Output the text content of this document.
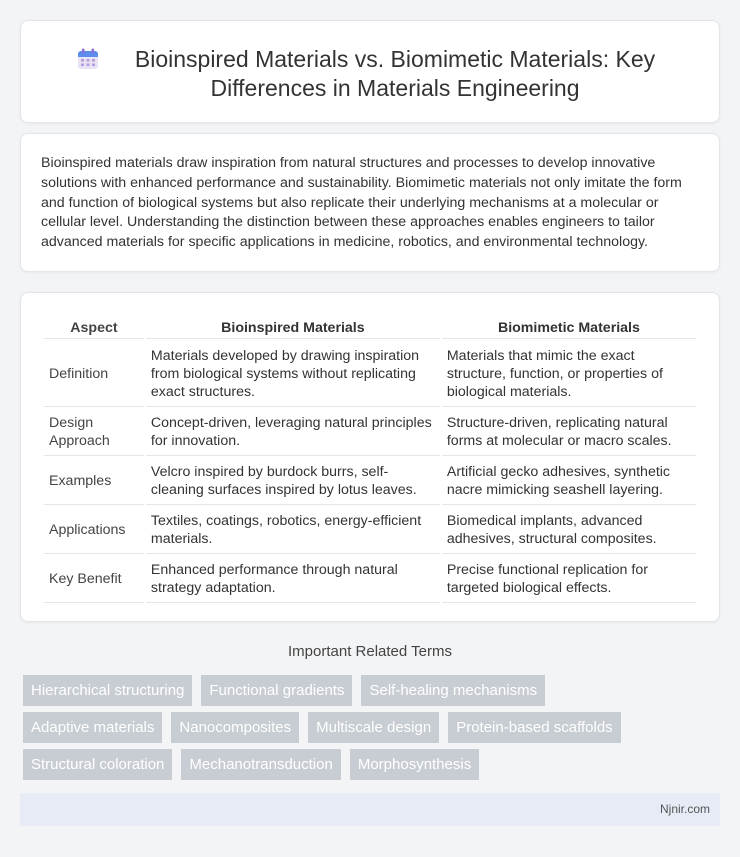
Bioinspired Materials vs. Biomimetic Materials: Key Differences in Materials Engineering

Bioinspired materials draw inspiration from natural structures and processes to develop innovative solutions with enhanced performance and sustainability. Biomimetic materials not only imitate the form and function of biological systems but also replicate their underlying mechanisms at a molecular or cellular level. Understanding the distinction between these approaches enables engineers to tailor advanced materials for specific applications in medicine, robotics, and environmental technology.

Aspect	Bioinspired Materials	Biomimetic Materials
Definition	Materials developed by drawing inspiration from biological systems without replicating exact structures.	Materials that mimic the exact structure, function, or properties of biological materials.
Design Approach	Concept-driven, leveraging natural principles for innovation.	Structure-driven, replicating natural forms at molecular or macro scales.
Examples	Velcro inspired by burdock burrs, self-cleaning surfaces inspired by lotus leaves.	Artificial gecko adhesives, synthetic nacre mimicking seashell layering.
Applications	Textiles, coatings, robotics, energy-efficient materials.	Biomedical implants, advanced adhesives, structural composites.
Key Benefit	Enhanced performance through natural strategy adaptation.	Precise functional replication for targeted biological effects.
Important Related Terms
Hierarchical structuring	Functional gradients	Self-healing mechanisms
Adaptive materials	Nanocomposites	Multiscale design	Protein-based scaffolds
Structural coloration	Mechanotransduction	Morphosynthesis
Njnir.com
